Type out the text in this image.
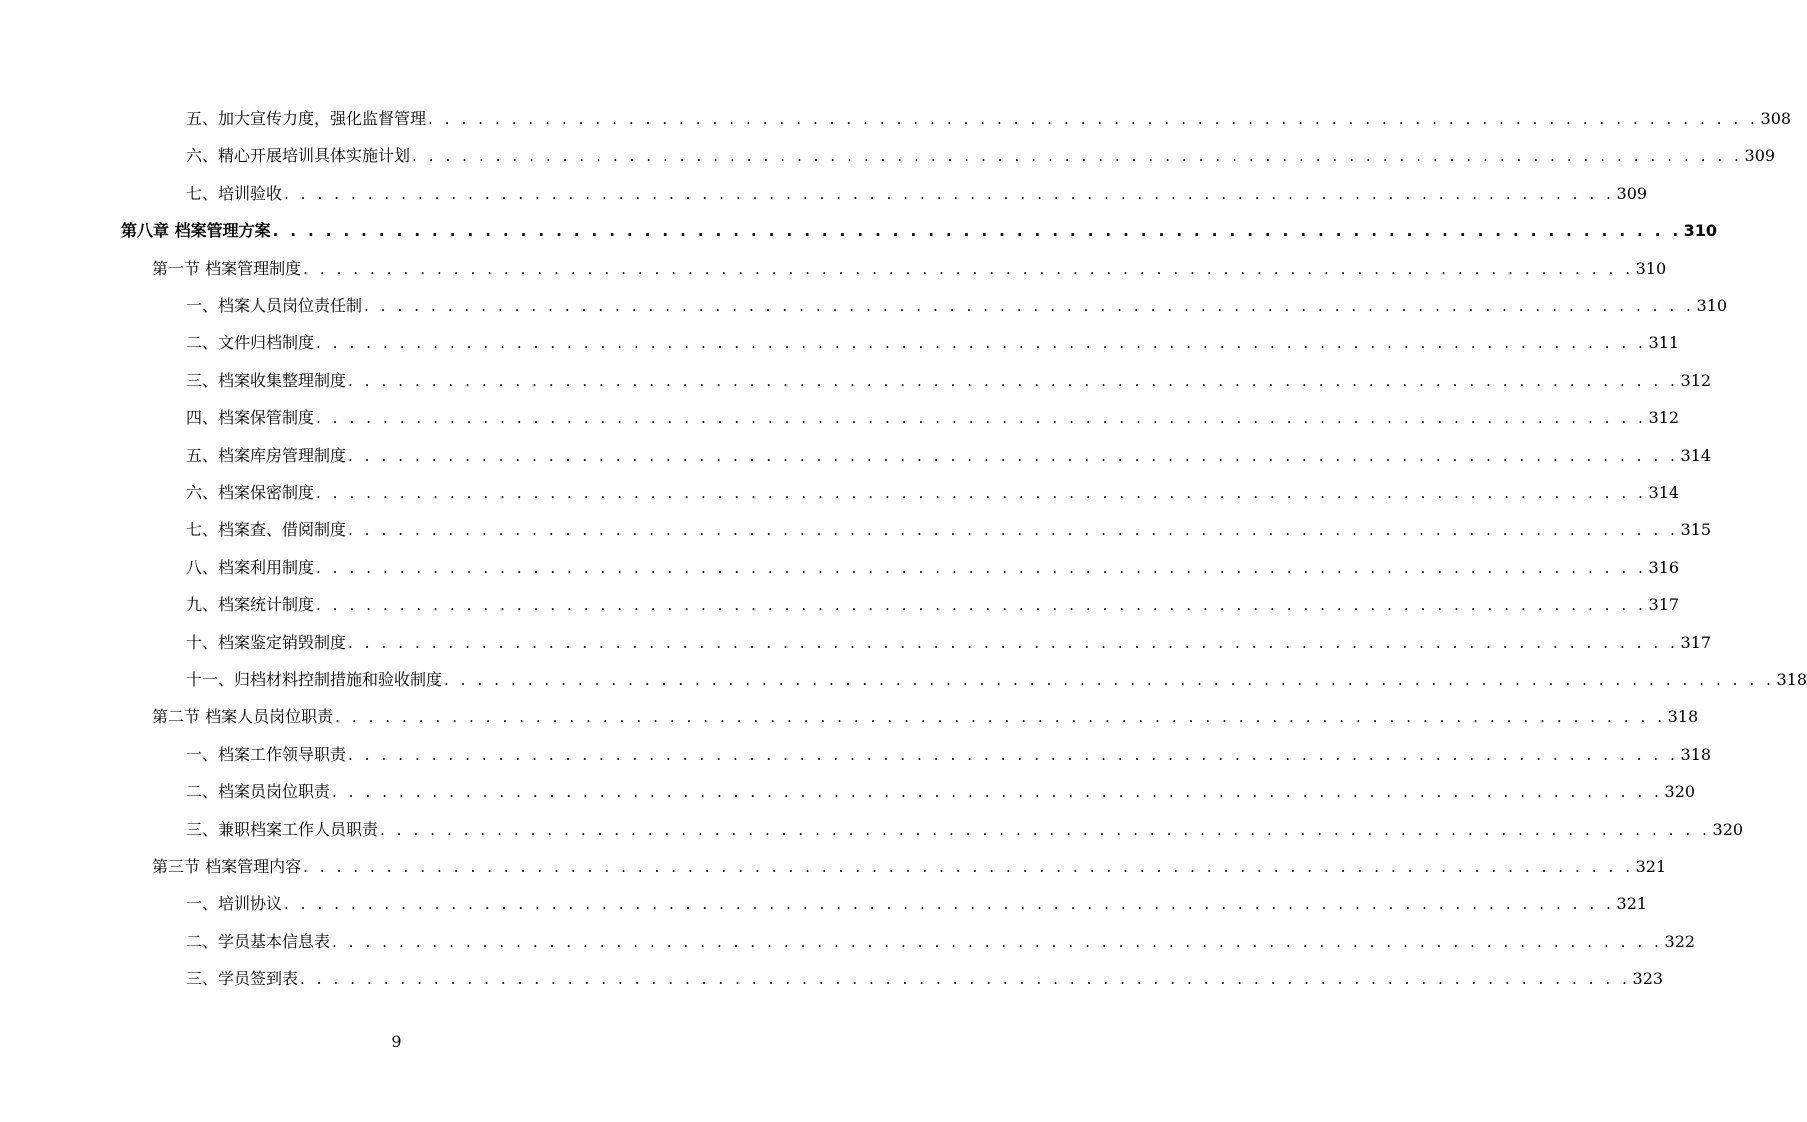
五、加大宣传力度，强化监督管理 . . . . . . . . . . . . . . . . . . . . . . . . . . . . . . . . . . . . . . . . . . . . . . . . . . . . . . . . . . . . . . . . . . . . . . . . . . . . . . . . 308
六、精心开展培训具体实施计划 . . . . . . . . . . . . . . . . . . . . . . . . . . . . . . . . . . . . . . . . . . . . . . . . . . . . . . . . . . . . . . . . . . . . . . . . . . . . . . . . 309
七、培训验收 . . . . . . . . . . . . . . . . . . . . . . . . . . . . . . . . . . . . . . . . . . . . . . . . . . . . . . . . . . . . . . . . . . . . . . . . . . . . . . . . 309
第八章 档案管理方案 . . . . . . . . . . . . . . . . . . . . . . . . . . . . . . . . . . . . . . . . . . . . . . . . . . . . . . . . . . . . . . . . . . . . . . . . . . . . . . . . 310
第一节 档案管理制度 . . . . . . . . . . . . . . . . . . . . . . . . . . . . . . . . . . . . . . . . . . . . . . . . . . . . . . . . . . . . . . . . . . . . . . . . . . . . . . . . 310
一、档案人员岗位责任制 . . . . . . . . . . . . . . . . . . . . . . . . . . . . . . . . . . . . . . . . . . . . . . . . . . . . . . . . . . . . . . . . . . . . . . . . . . . . . . . . 310
二、文件归档制度 . . . . . . . . . . . . . . . . . . . . . . . . . . . . . . . . . . . . . . . . . . . . . . . . . . . . . . . . . . . . . . . . . . . . . . . . . . . . . . . . 311
三、档案收集整理制度 . . . . . . . . . . . . . . . . . . . . . . . . . . . . . . . . . . . . . . . . . . . . . . . . . . . . . . . . . . . . . . . . . . . . . . . . . . . . . . . . 312
四、档案保管制度 . . . . . . . . . . . . . . . . . . . . . . . . . . . . . . . . . . . . . . . . . . . . . . . . . . . . . . . . . . . . . . . . . . . . . . . . . . . . . . . . 312
五、档案库房管理制度 . . . . . . . . . . . . . . . . . . . . . . . . . . . . . . . . . . . . . . . . . . . . . . . . . . . . . . . . . . . . . . . . . . . . . . . . . . . . . . . . 314
六、档案保密制度 . . . . . . . . . . . . . . . . . . . . . . . . . . . . . . . . . . . . . . . . . . . . . . . . . . . . . . . . . . . . . . . . . . . . . . . . . . . . . . . . 314
七、档案查、借阅制度 . . . . . . . . . . . . . . . . . . . . . . . . . . . . . . . . . . . . . . . . . . . . . . . . . . . . . . . . . . . . . . . . . . . . . . . . . . . . . . . . 315
八、档案利用制度 . . . . . . . . . . . . . . . . . . . . . . . . . . . . . . . . . . . . . . . . . . . . . . . . . . . . . . . . . . . . . . . . . . . . . . . . . . . . . . . . 316
九、档案统计制度 . . . . . . . . . . . . . . . . . . . . . . . . . . . . . . . . . . . . . . . . . . . . . . . . . . . . . . . . . . . . . . . . . . . . . . . . . . . . . . . . 317
十、档案鉴定销毁制度 . . . . . . . . . . . . . . . . . . . . . . . . . . . . . . . . . . . . . . . . . . . . . . . . . . . . . . . . . . . . . . . . . . . . . . . . . . . . . . . . 317
十一、归档材料控制措施和验收制度 . . . . . . . . . . . . . . . . . . . . . . . . . . . . . . . . . . . . . . . . . . . . . . . . . . . . . . . . . . . . . . . . . . . . . . . . . . . . . . . . 318
第二节 档案人员岗位职责 . . . . . . . . . . . . . . . . . . . . . . . . . . . . . . . . . . . . . . . . . . . . . . . . . . . . . . . . . . . . . . . . . . . . . . . . . . . . . . . . 318
一、档案工作领导职责 . . . . . . . . . . . . . . . . . . . . . . . . . . . . . . . . . . . . . . . . . . . . . . . . . . . . . . . . . . . . . . . . . . . . . . . . . . . . . . . . 318
二、档案员岗位职责 . . . . . . . . . . . . . . . . . . . . . . . . . . . . . . . . . . . . . . . . . . . . . . . . . . . . . . . . . . . . . . . . . . . . . . . . . . . . . . . . 320
三、兼职档案工作人员职责 . . . . . . . . . . . . . . . . . . . . . . . . . . . . . . . . . . . . . . . . . . . . . . . . . . . . . . . . . . . . . . . . . . . . . . . . . . . . . . . . 320
第三节 档案管理内容 . . . . . . . . . . . . . . . . . . . . . . . . . . . . . . . . . . . . . . . . . . . . . . . . . . . . . . . . . . . . . . . . . . . . . . . . . . . . . . . . 321
一、培训协议 . . . . . . . . . . . . . . . . . . . . . . . . . . . . . . . . . . . . . . . . . . . . . . . . . . . . . . . . . . . . . . . . . . . . . . . . . . . . . . . . 321
二、学员基本信息表 . . . . . . . . . . . . . . . . . . . . . . . . . . . . . . . . . . . . . . . . . . . . . . . . . . . . . . . . . . . . . . . . . . . . . . . . . . . . . . . . 322
三、学员签到表 . . . . . . . . . . . . . . . . . . . . . . . . . . . . . . . . . . . . . . . . . . . . . . . . . . . . . . . . . . . . . . . . . . . . . . . . . . . . . . . . 323
9
